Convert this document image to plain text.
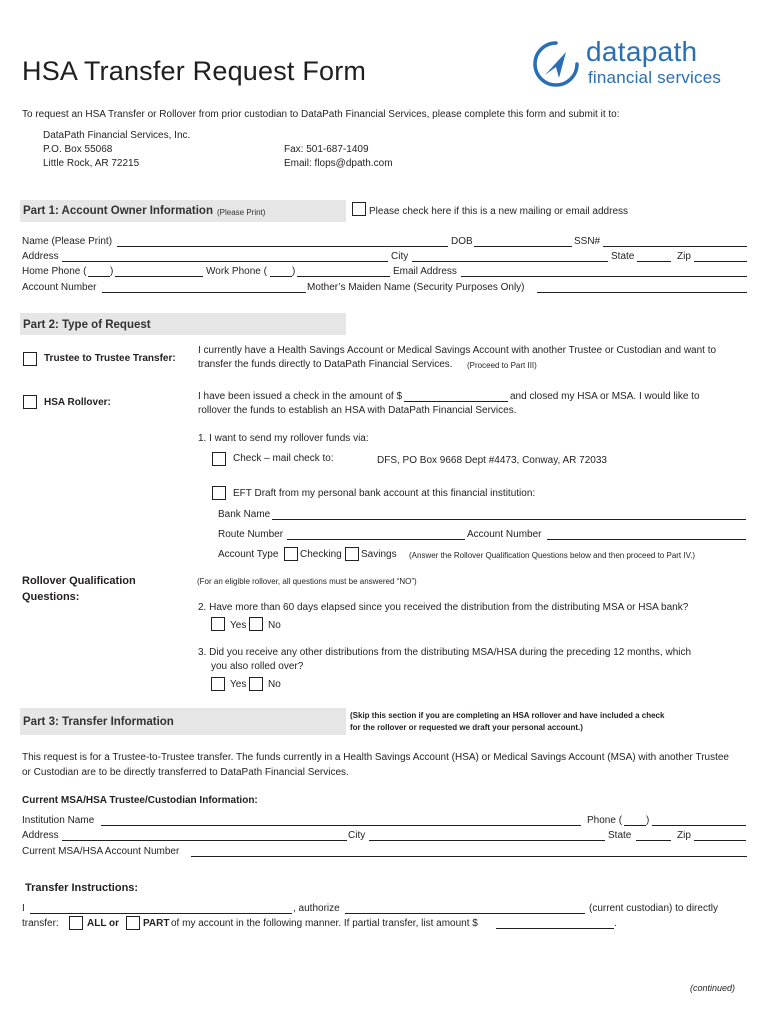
HSA Transfer Request Form
datapath
financial services
To request an HSA Transfer or Rollover from prior custodian to DataPath Financial Services, please complete this form and submit it to:
DataPath Financial Services, Inc.
P.O. Box 55068
Little Rock, AR 72215
Fax: 501-687-1409
Email: flops@dpath.com
Part 1: Account Owner Information (Please Print)	Please check here if this is a new mailing or email address
Name (Please Print)	DOB	SSN#
Address	City	State	Zip
Home Phone ( )	Work Phone (	)	Email Address
Account Number	Mother’s Maiden Name (Security Purposes Only)
Part 2: Type of Request
Trustee to Trustee Transfer:
I currently have a Health Savings Account or Medical Savings Account with another Trustee or Custodian and want to
transfer the funds directly to DataPath Financial Services. (Proceed to Part III)
HSA Rollover:
I have been issued a check in the amount of $	and closed my HSA or MSA. I would like to
rollover the funds to establish an HSA with DataPath Financial Services.
1. I want to send my rollover funds via:
Check – mail check to:	DFS, PO Box 9668 Dept #4473, Conway, AR 72033
EFT Draft from my personal bank account at this financial institution:
Bank Name
Route Number	Account Number
Account Type Checking Savings (Answer the Rollover Qualification Questions below and then proceed to Part IV.)
Rollover Qualification
Questions:
(For an eligible rollover, all questions must be answered “NO”)
2. Have more than 60 days elapsed since you received the distribution from the distributing MSA or HSA bank?
Yes No
3. Did you receive any other distributions from the distributing MSA/HSA during the preceding 12 months, which
you also rolled over?
Yes No
Part 3: Transfer Information
(Skip this section if you are completing an HSA rollover and have included a check
for the rollover or requested we draft your personal account.)
This request is for a Trustee-to-Trustee transfer. The funds currently in a Health Savings Account (HSA) or Medical Savings Account (MSA) with another Trustee
or Custodian are to be directly transferred to DataPath Financial Services.
Current MSA/HSA Trustee/Custodian Information:
Institution Name	Phone ( )
Address	City	State	Zip
Current MSA/HSA Account Number
Transfer Instructions:
I	, authorize	(current custodian) to directly
transfer:	ALL or PART of my account in the following manner. If partial transfer, list amount $	.
(continued)
